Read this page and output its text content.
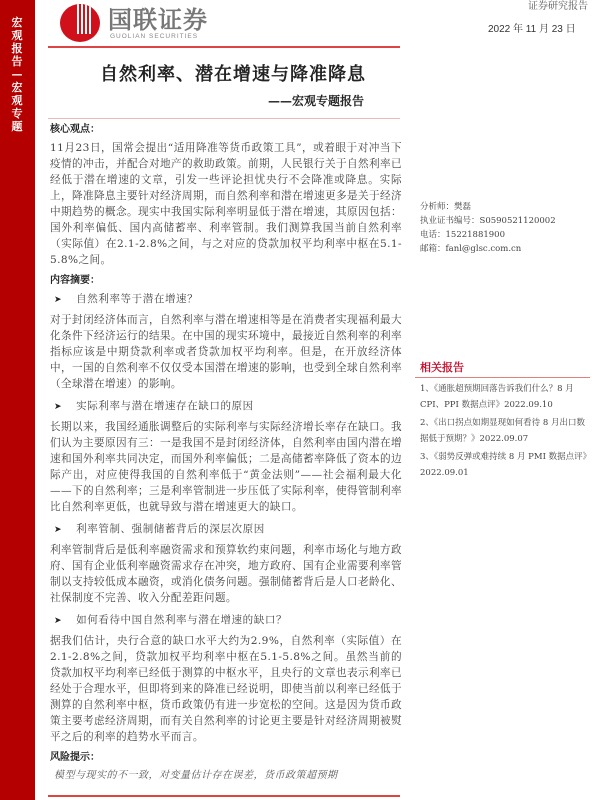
宏观报告—宏观专题
国联证券
GUOLIAN SECURITIES
证券研究报告
2022 年 11 月 23 日
自然利率、潜在增速与降准降息
——宏观专题报告
核心观点：
11月23日，国常会提出“适用降准等货币政策工具”，或着眼于对冲当下疫情的冲击，并配合对地产的救助政策。前期，人民银行关于自然利率已经低于潜在增速的文章，引发一些评论担忧央行不会降准或降息。实际上，降准降息主要针对经济周期，而自然利率和潜在增速更多是关于经济中期趋势的概念。现实中我国实际利率明显低于潜在增速，其原因包括：国外利率偏低、国内高储蓄率、利率管制。我们测算我国当前自然利率（实际值）在2.1-2.8%之间，与之对应的贷款加权平均利率中枢在5.1-5.8%之间。
内容摘要：
➤ 自然利率等于潜在增速？
对于封闭经济体而言，自然利率与潜在增速相等是在消费者实现福利最大化条件下经济运行的结果。在中国的现实环境中，最接近自然利率的利率指标应该是中期贷款利率或者贷款加权平均利率。但是，在开放经济体中，一国的自然利率不仅仅受本国潜在增速的影响，也受到全球自然利率（全球潜在增速）的影响。
➤ 实际利率与潜在增速存在缺口的原因
长期以来，我国经通胀调整后的实际利率与实际经济增长率存在缺口。我们认为主要原因有三：一是我国不是封闭经济体，自然利率由国内潜在增速和国外利率共同决定，而国外利率偏低；二是高储蓄率降低了资本的边际产出，对应使得我国的自然利率低于“黄金法则”——社会福利最大化——下的自然利率；三是利率管制进一步压低了实际利率，使得管制利率比自然利率更低，也就导致与潜在增速更大的缺口。
➤ 利率管制、强制储蓄背后的深层次原因
利率管制背后是低利率融资需求和预算软约束问题，利率市场化与地方政府、国有企业低利率融资需求存在冲突，地方政府、国有企业需要利率管制以支持较低成本融资，或消化债务问题。强制储蓄背后是人口老龄化、社保制度不完善、收入分配差距问题。
➤ 如何看待中国自然利率与潜在增速的缺口？
据我们估计，央行合意的缺口水平大约为2.9%，自然利率（实际值）在2.1-2.8%之间，贷款加权平均利率中枢在5.1-5.8%之间。虽然当前的贷款加权平均利率已经低于测算的中枢水平，且央行的文章也表示利率已经处于合理水平，但即将到来的降准已经说明，即使当前以利率已经低于测算的自然利率中枢，货币政策仍有进一步宽松的空间。这是因为货币政策主要考虑经济周期，而有关自然利率的讨论更主要是针对经济周期被熨平之后的利率的趋势水平而言。
风险提示：
模型与现实的不一致，对变量估计存在误差，货币政策超预期
分析师：樊磊
执业证书编号：S0590521120002
电话：15221881900
邮箱：fanl@glsc.com.cn
相关报告
1、《通胀超预期回落告诉我们什么？8 月 CPI、PPI 数据点评》2022.09.10
2、《出口拐点如期显现如何看待 8 月出口数据低于预期？》2022.09.07
3、《弱势反弹或难持续 8 月 PMI 数据点评》2022.09.01
